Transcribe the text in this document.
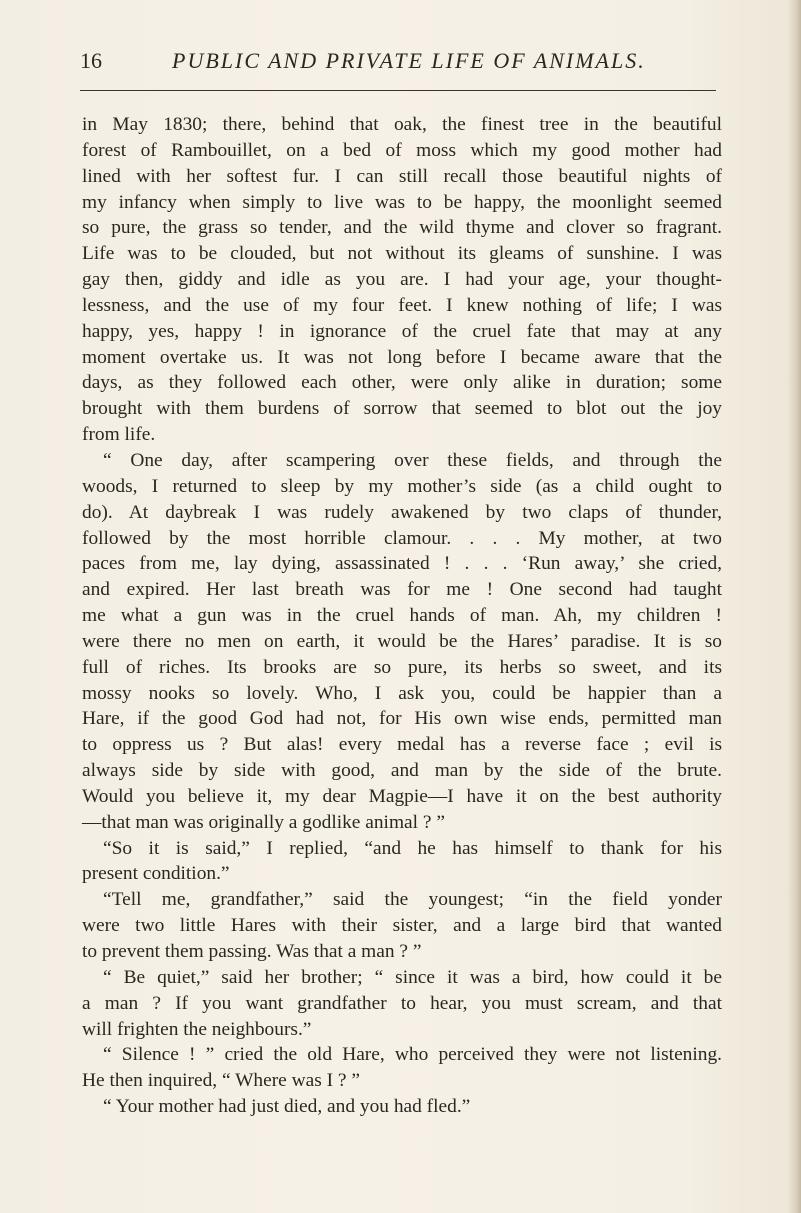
16	PUBLIC AND PRIVATE LIFE OF ANIMALS.
in May 1830; there, behind that oak, the finest tree in the beautiful
forest of Rambouillet, on a bed of moss which my good mother had
lined with her softest fur. I can still recall those beautiful nights of
my infancy when simply to live was to be happy, the moonlight seemed
so pure, the grass so tender, and the wild thyme and clover so fragrant.
Life was to be clouded, but not without its gleams of sunshine. I was
gay then, giddy and idle as you are. I had your age, your thought-
lessness, and the use of my four feet. I knew nothing of life; I was
happy, yes, happy ! in ignorance of the cruel fate that may at any
moment overtake us. It was not long before I became aware that the
days, as they followed each other, were only alike in duration; some
brought with them burdens of sorrow that seemed to blot out the joy
from life.
“ One day, after scampering over these fields, and through the
woods, I returned to sleep by my mother’s side (as a child ought to
do). At daybreak I was rudely awakened by two claps of thunder,
followed by the most horrible clamour. . . . My mother, at two
paces from me, lay dying, assassinated ! . . . ‘Run away,’ she cried,
and expired. Her last breath was for me ! One second had taught
me what a gun was in the cruel hands of man. Ah, my children !
were there no men on earth, it would be the Hares’ paradise. It is so
full of riches. Its brooks are so pure, its herbs so sweet, and its
mossy nooks so lovely. Who, I ask you, could be happier than a
Hare, if the good God had not, for His own wise ends, permitted man
to oppress us ? But alas! every medal has a reverse face ; evil is
always side by side with good, and man by the side of the brute.
Would you believe it, my dear Magpie—I have it on the best authority
—that man was originally a godlike animal ? ”
“So it is said,” I replied, “and he has himself to thank for his
present condition.”
“Tell me, grandfather,” said the youngest; “in the field yonder
were two little Hares with their sister, and a large bird that wanted
to prevent them passing. Was that a man ? ”
“ Be quiet,” said her brother; “ since it was a bird, how could it be
a man ? If you want grandfather to hear, you must scream, and that
will frighten the neighbours.”
“ Silence ! ” cried the old Hare, who perceived they were not listening.
He then inquired, “ Where was I ? ”
“ Your mother had just died, and you had fled.”
